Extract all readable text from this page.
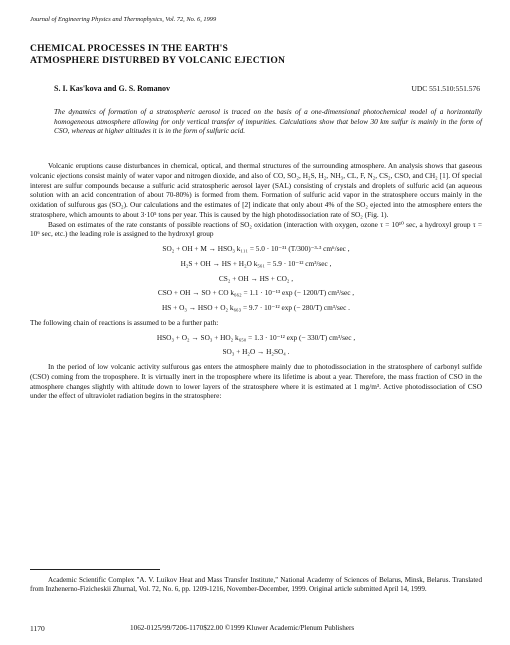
Journal of Engineering Physics and Thermophysics, Vol. 72, No. 6, 1999
CHEMICAL PROCESSES IN THE EARTH'S
ATMOSPHERE DISTURBED BY VOLCANIC EJECTION
S. I. Kas'kova and G. S. Romanov	UDC 551.510:551.576
The dynamics of formation of a stratospheric aerosol is traced on the basis of a one-dimensional photochemical model of a horizontally homogeneous atmosphere allowing for only vertical transfer of impurities. Calculations show that below 30 km sulfur is mainly in the form of CSO, whereas at higher altitudes it is in the form of sulfuric acid.

Volcanic eruptions cause disturbances in chemical, optical, and thermal structures of the surrounding atmosphere. An analysis shows that gaseous volcanic ejections consist mainly of water vapor and nitrogen dioxide, and also of CO, SO₂, H₂S, H₂, NH₃, CL, F, N₂, CS₂, CSO, and CH₂ [1]. Of special interest are sulfur compounds because a sulfuric acid stratospheric aerosol layer (SAL) consisting of crystals and droplets of sulfuric acid (an aqueous solution with an acid concentration of about 70-80%) is formed from them. Formation of sulfuric acid vapor in the stratosphere occurs mainly in the oxidation of sulfurous gas (SO₂). Our calculations and the estimates of [2] indicate that only about 4% of the SO₂ ejected into the atmosphere enters the stratosphere, which amounts to about 3·10⁵ tons per year. This is caused by the high photodissociation rate of SO₂ (Fig. 1).

Based on estimates of the rate constants of possible reactions of SO₂ oxidation (interaction with oxygen, ozone τ = 10¹⁰ sec, a hydroxyl group τ = 10⁶ sec, etc.) the leading role is assigned to the hydroxyl group

SO₂ + OH + M → HSO₃ k₁₁₁ = 5.0 · 10⁻³¹ (T/300)⁻³·³ cm⁶/sec ,

H₂S + OH → HS + H₂O k₅₆₁ = 5.9 · 10⁻¹² cm³/sec ,

CS₂ + OH → HS + CO₂ ,

CSO + OH → SO + CO k₆₆₂ = 1.1 · 10⁻¹³ exp (− 1200/T) cm³/sec ,

HS + O₃ → HSO + O₂ k₆₆₃ = 9.7 · 10⁻¹² exp (− 280/T) cm³/sec .

The following chain of reactions is assumed to be a further path:

HSO₃ + O₂ → SO₃ + HO₂ k₆₅₀ = 1.3 · 10⁻¹² exp (− 330/T) cm³/sec ,

SO₃ + H₂O → H₂SO₄ .

In the period of low volcanic activity sulfurous gas enters the atmosphere mainly due to photodissociation in the stratosphere of carbonyl sulfide (CSO) coming from the troposphere. It is virtually inert in the troposphere where its lifetime is about a year. Therefore, the mass fraction of CSO in the atmosphere changes slightly with altitude down to lower layers of the stratosphere where it is estimated at 1 mg/m³. Active photodissociation of CSO under the effect of ultraviolet radiation begins in the stratosphere:

Academic Scientific Complex "A. V. Luikov Heat and Mass Transfer Institute," National Academy of Sciences of Belarus, Minsk, Belarus. Translated from Inzhenerno-Fizicheskii Zhurnal, Vol. 72, No. 6, pp. 1209-1216, November-December, 1999. Original article submitted April 14, 1999.
1170	1062-0125/99/7206-1170$22.00 ©1999 Kluwer Academic/Plenum Publishers
